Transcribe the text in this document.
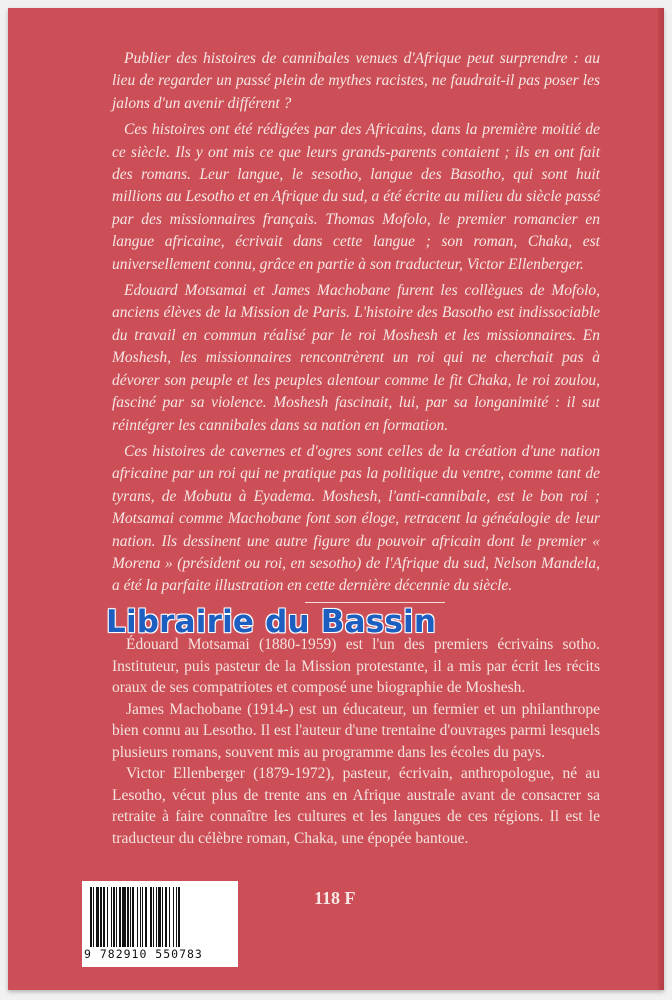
Publier des histoires de cannibales venues d'Afrique peut surprendre : au lieu de regarder un passé plein de mythes racistes, ne faudrait-il pas poser les jalons d'un avenir différent ?

Ces histoires ont été rédigées par des Africains, dans la première moitié de ce siècle. Ils y ont mis ce que leurs grands-parents contaient ; ils en ont fait des romans. Leur langue, le sesotho, langue des Basotho, qui sont huit millions au Lesotho et en Afrique du sud, a été écrite au milieu du siècle passé par des missionnaires français. Thomas Mofolo, le premier romancier en langue africaine, écrivait dans cette langue ; son roman, Chaka, est universellement connu, grâce en partie à son traducteur, Victor Ellenberger.

Edouard Motsamai et James Machobane furent les collègues de Mofolo, anciens élèves de la Mission de Paris. L'histoire des Basotho est indissociable du travail en commun réalisé par le roi Moshesh et les missionnaires. En Moshesh, les missionnaires rencontrèrent un roi qui ne cherchait pas à dévorer son peuple et les peuples alentour comme le fit Chaka, le roi zoulou, fasciné par sa violence. Moshesh fascinait, lui, par sa longanimité : il sut réintégrer les cannibales dans sa nation en formation.

Ces histoires de cavernes et d'ogres sont celles de la création d'une nation africaine par un roi qui ne pratique pas la politique du ventre, comme tant de tyrans, de Mobutu à Eyadema. Moshesh, l'anti-cannibale, est le bon roi ; Motsamai comme Machobane font son éloge, retracent la généalogie de leur nation. Ils dessinent une autre figure du pouvoir africain dont le premier « Morena » (président ou roi, en sesotho) de l'Afrique du sud, Nelson Mandela, a été la parfaite illustration en cette dernière décennie du siècle.

Édouard Motsamai (1880-1959) est l'un des premiers écrivains sotho. Instituteur, puis pasteur de la Mission protestante, il a mis par écrit les récits oraux de ses compatriotes et composé une biographie de Moshesh.

James Machobane (1914-) est un éducateur, un fermier et un philanthrope bien connu au Lesotho. Il est l'auteur d'une trentaine d'ouvrages parmi lesquels plusieurs romans, souvent mis au programme dans les écoles du pays.

Victor Ellenberger (1879-1972), pasteur, écrivain, anthropologue, né au Lesotho, vécut plus de trente ans en Afrique australe avant de consacrer sa retraite à faire connaître les cultures et les langues de ces régions. Il est le traducteur du célèbre roman, Chaka, une épopée bantoue.

Librairie du Bassin
9 782910 550783
118 F
